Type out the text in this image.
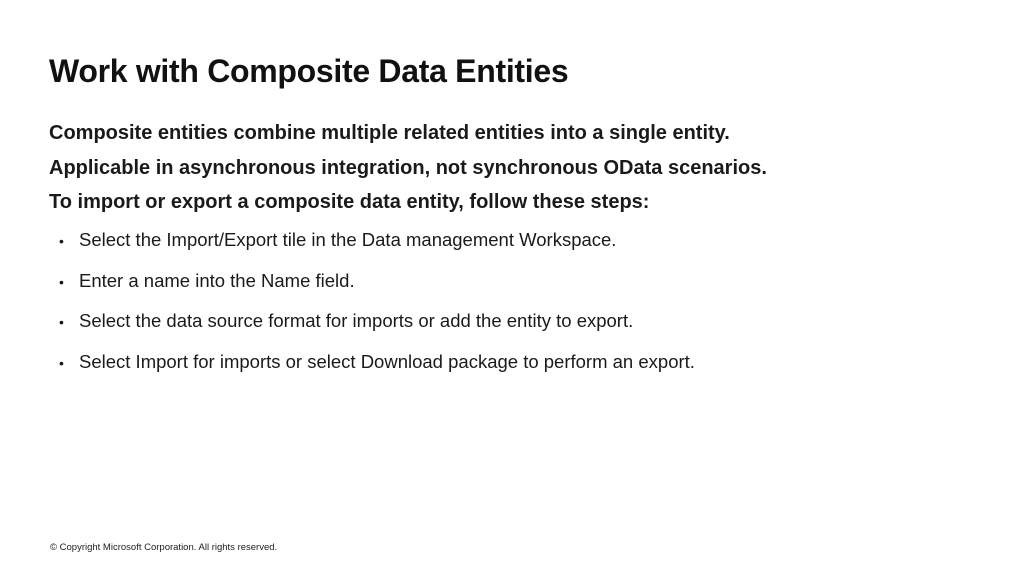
Work with Composite Data Entities

Composite entities combine multiple related entities into a single entity.

Applicable in asynchronous integration, not synchronous OData scenarios.

To import or export a composite data entity, follow these steps:

• Select the Import/Export tile in the Data management Workspace.
• Enter a name into the Name field.
• Select the data source format for imports or add the entity to export.
• Select Import for imports or select Download package to perform an export.
© Copyright Microsoft Corporation. All rights reserved.
